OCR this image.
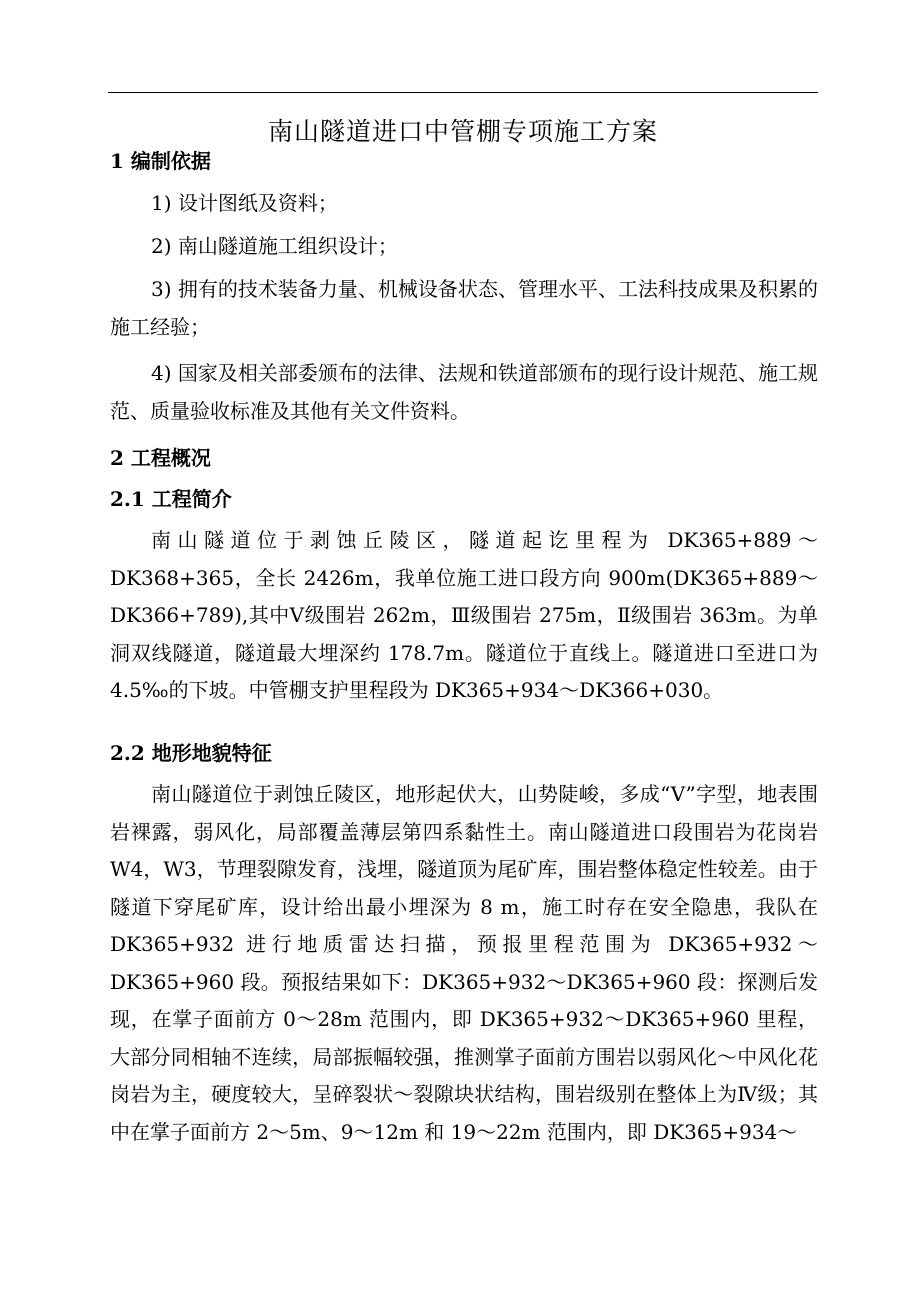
南山隧道进口中管棚专项施工方案
1 编制依据
1) 设计图纸及资料；
2) 南山隧道施工组织设计；
3) 拥有的技术装备力量、机械设备状态、管理水平、工法科技成果及积累的施工经验；
4) 国家及相关部委颁布的法律、法规和铁道部颁布的现行设计规范、施工规范、质量验收标准及其他有关文件资料。
2 工程概况
2.1 工程简介
南山隧道位于剥蚀丘陵区，隧道起讫里程为 DK365+889～DK368+365，全长 2426m，我单位施工进口段方向 900m(DK365+889～DK366+789),其中Ⅴ级围岩 262m，Ⅲ级围岩 275m，Ⅱ级围岩 363m。为单洞双线隧道，隧道最大埋深约 178.7m。隧道位于直线上。隧道进口至进口为 4.5‰的下坡。中管棚支护里程段为 DK365+934～DK366+030。
2.2 地形地貌特征
南山隧道位于剥蚀丘陵区，地形起伏大，山势陡峻，多成“Ⅴ”字型，地表围岩裸露，弱风化，局部覆盖薄层第四系黏性土。南山隧道进口段围岩为花岗岩 W4，W3，节理裂隙发育，浅埋，隧道顶为尾矿库，围岩整体稳定性较差。由于隧道下穿尾矿库，设计给出最小埋深为 8 m，施工时存在安全隐患，我队在 DK365+932 进行地质雷达扫描，预报里程范围为 DK365+932～DK365+960 段。预报结果如下：DK365+932～DK365+960 段：探测后发现，在掌子面前方 0～28m 范围内，即 DK365+932～DK365+960 里程，大部分同相轴不连续，局部振幅较强，推测掌子面前方围岩以弱风化～中风化花岗岩为主，硬度较大，呈碎裂状～裂隙块状结构，围岩级别在整体上为Ⅳ级；其中在掌子面前方 2～5m、9～12m 和 19～22m 范围内，即 DK365+934～
